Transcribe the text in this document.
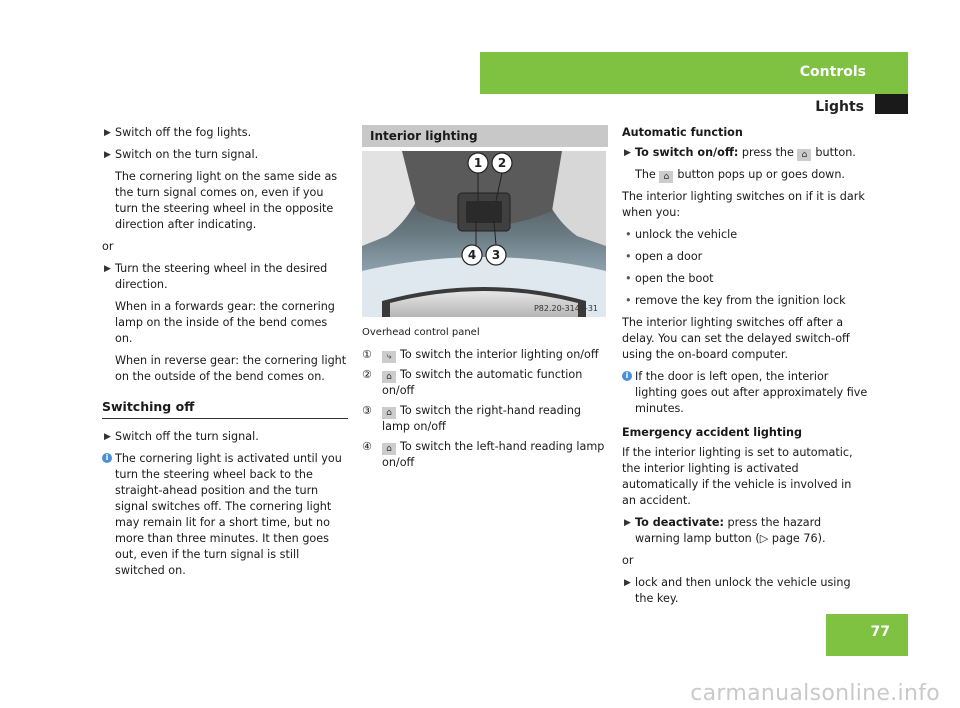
Controls
Lights
▶ Switch off the fog lights.
▶ Switch on the turn signal.
The cornering light on the same side as the turn signal comes on, even if you turn the steering wheel in the opposite direction after indicating.

or

▶ Turn the steering wheel in the desired direction.
When in a forwards gear: the cornering lamp on the inside of the bend comes on.
When in reverse gear: the cornering light on the outside of the bend comes on.
Switching off
▶ Switch off the turn signal.
i The cornering light is activated until you turn the steering wheel back to the straight-ahead position and the turn signal switches off. The cornering light may remain lit for a short time, but no more than three minutes. It then goes out, even if the turn signal is still switched on.
Interior lighting
1 2
3
4
P82.20-3147-31

Overhead control panel

① ⤷ To switch the interior lighting on/off
② ⌂ To switch the automatic function on/off
③ ⌂ To switch the right-hand reading lamp on/off
④ ⌂ To switch the left-hand reading lamp on/off
Automatic function
▶ To switch on/off: press the ⌂ button.
The ⌂ button pops up or goes down.

The interior lighting switches on if it is dark when you:

• unlock the vehicle
• open a door
• open the boot
• remove the key from the ignition lock

The interior lighting switches off after a delay. You can set the delayed switch-off using the on-board computer.

i If the door is left open, the interior lighting goes out after approximately five minutes.
Emergency accident lighting

If the interior lighting is set to automatic, the interior lighting is activated automatically if the vehicle is involved in an accident.

▶ To deactivate: press the hazard warning lamp button (▷ page 76).

or

▶ lock and then unlock the vehicle using the key.
77
carmanualsonline.info
